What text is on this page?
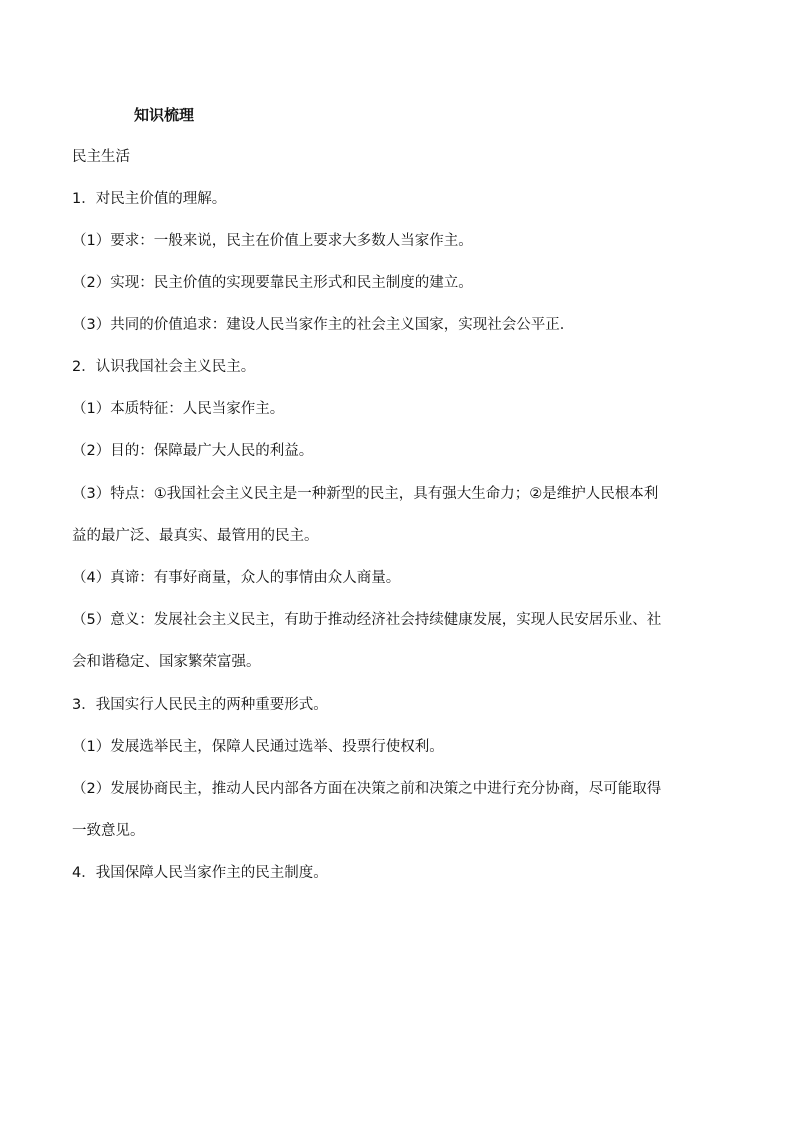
知识梳理
民主生活
1．对民主价值的理解。
（1）要求：一般来说，民主在价值上要求大多数人当家作主。
（2）实现：民主价值的实现要靠民主形式和民主制度的建立。
（3）共同的价值追求：建设人民当家作主的社会主义国家，实现社会公平正．
2．认识我国社会主义民主。
（1）本质特征：人民当家作主。
（2）目的：保障最广大人民的利益。
（3）特点：①我国社会主义民主是一种新型的民主，具有强大生命力；②是维护人民根本利
益的最广泛、最真实、最管用的民主。
（4）真谛：有事好商量，众人的事情由众人商量。
（5）意义：发展社会主义民主，有助于推动经济社会持续健康发展，实现人民安居乐业、社
会和谐稳定、国家繁荣富强。
3．我国实行人民民主的两种重要形式。
（1）发展选举民主，保障人民通过选举、投票行使权利。
（2）发展协商民主，推动人民内部各方面在决策之前和决策之中进行充分协商，尽可能取得
一致意见。
4．我国保障人民当家作主的民主制度。
